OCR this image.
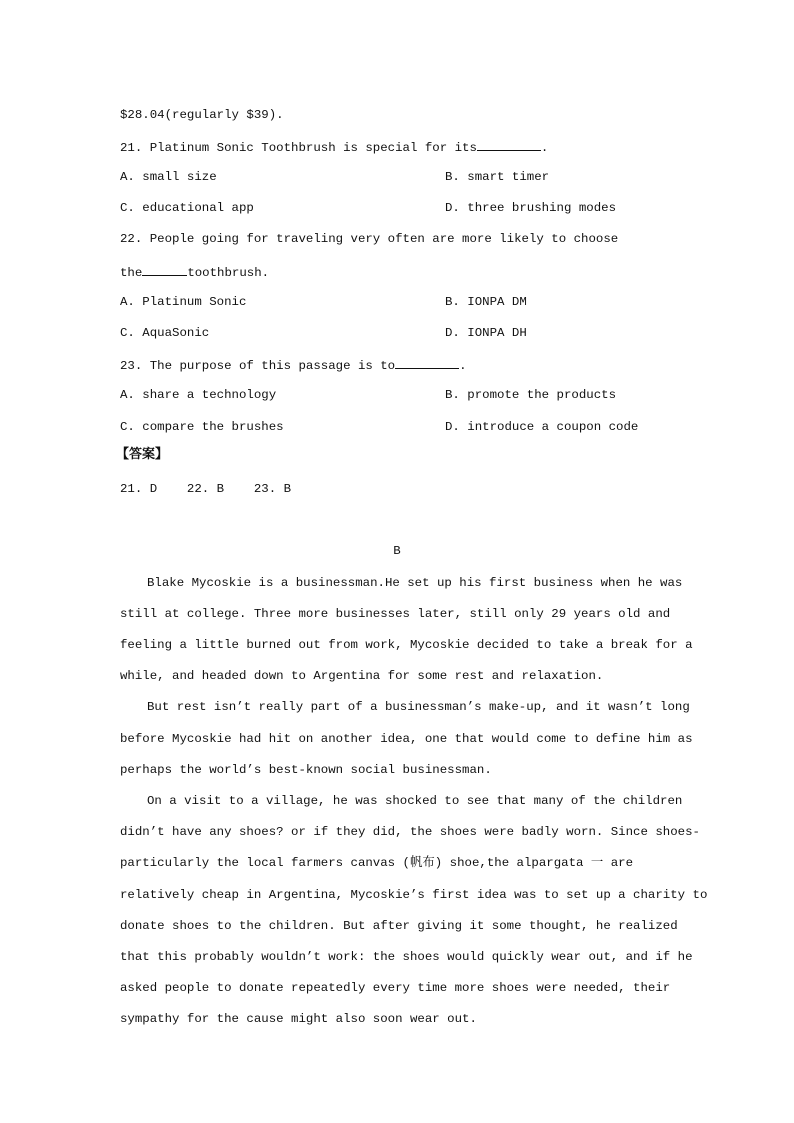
$28.04(regularly $39).
21. Platinum Sonic Toothbrush is special for its	.
A. small size	B. smart timer
C. educational app	D. three brushing modes
22. People going for traveling very often are more likely to choose
the	toothbrush.
A. Platinum Sonic	B. IONPA DM
C. AquaSonic	D. IONPA DH
23. The purpose of this passage is to	.
A. share a technology	B. promote the products
C. compare the brushes	D. introduce a coupon code
【答案】
21. D    22. B    23. B
B
Blake Mycoskie is a businessman.He set up his first business when he was
still at college. Three more businesses later, still only 29 years old and
feeling a little burned out from work, Mycoskie decided to take a break for a
while, and headed down to Argentina for some rest and relaxation.
But rest isn’t really part of a businessman’s make-up, and it wasn’t long
before Mycoskie had hit on another idea, one that would come to define him as
perhaps the world’s best-known social businessman.
On a visit to a village, he was shocked to see that many of the children
didn’t have any shoes? or if they did, the shoes were badly worn. Since shoes-
particularly the local farmers canvas (帆布) shoe,the alpargata 一 are
relatively cheap in Argentina, Mycoskie’s first idea was to set up a charity to
donate shoes to the children. But after giving it some thought, he realized
that this probably wouldn’t work: the shoes would quickly wear out, and if he
asked people to donate repeatedly every time more shoes were needed, their
sympathy for the cause might also soon wear out.
